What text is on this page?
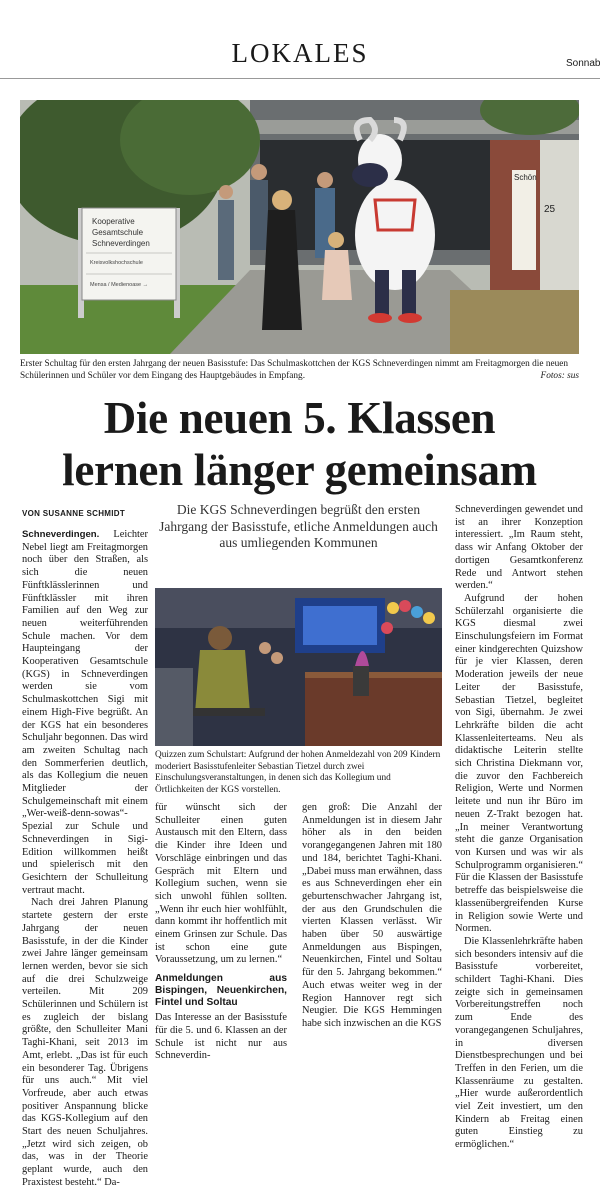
LOKALES	Sonnab
Schön
25
Kooperative
Gesamtschule
Schneverdingen
Kreisvolkshochschule
Mensa / Medienoase →
Erster Schultag für den ersten Jahrgang der neuen Basisstufe: Das Schulmaskottchen der KGS Schneverdingen nimmt am Freitagmorgen die neuen Schülerinnen und Schüler vor dem Eingang des Hauptgebäudes in Empfang.	Fotos: sus
Die neuen 5. Klassen
lernen länger gemeinsam
VON SUSANNE SCHMIDT	Die KGS Schneverdingen begrüßt den ersten Jahrgang der Basisstufe, etliche Anmeldungen auch aus umliegenden Kommunen

Schneverdingen. Leichter Nebel liegt am Freitagmorgen noch über den Straßen, als sich die neuen Fünftklässlerinnen und Fünftklässler mit ihren Familien auf den Weg zur neuen weiterführenden Schule machen. Vor dem Haupteingang der Kooperativen Gesamtschule (KGS) in Schneverdingen werden sie vom Schulmaskottchen Sigi mit einem High-Five begrüßt. An der KGS hat ein besonderes Schuljahr begonnen. Das wird am zweiten Schultag nach den Sommerferien deutlich, als das Kollegium die neuen Mitglieder der Schulgemeinschaft mit einem „Wer-weiß-denn-sowas“-Spezial zur Schule und Schneverdingen in Sigi-Edition willkommen heißt und spielerisch mit den Gesichtern der Schulleitung vertraut macht.

Nach drei Jahren Planung startete gestern der erste Jahrgang der neuen Basisstufe, in der die Kinder zwei Jahre länger gemeinsam lernen werden, bevor sie sich auf die drei Schulzweige verteilen. Mit 209 Schülerinnen und Schülern ist es zugleich der bislang größte, den Schulleiter Mani Taghi-Khani, seit 2013 im Amt, erlebt. „Das ist für euch ein besonderer Tag. Übrigens für uns auch.“ Mit viel Vorfreude, aber auch etwas positiver Anspannung blicke das KGS-Kollegium auf den Start des neuen Schuljahres. „Jetzt wird sich zeigen, ob das, was in der Theorie geplant wurde, auch den Praxistest besteht.“ Da-

Quizzen zum Schulstart: Aufgrund der hohen Anmeldezahl von 209 Kindern moderiert Basisstufenleiter Sebastian Tietzel durch zwei Einschulungsveranstaltungen, in denen sich das Kollegium und Örtlichkeiten der KGS vorstellen.

für wünscht sich der Schulleiter einen guten Austausch mit den Eltern, dass die Kinder ihre Ideen und Vorschläge einbringen und das Gespräch mit Eltern und Kollegium suchen, wenn sie sich unwohl fühlen sollten. „Wenn ihr euch hier wohlfühlt, dann kommt ihr hoffentlich mit einem Grinsen zur Schule. Das ist schon eine gute Voraussetzung, um zu lernen.“

Anmeldungen aus Bispingen, Neuenkirchen, Fintel und Soltau

Das Interesse an der Basisstufe für die 5. und 6. Klassen an der Schule ist nicht nur aus Schneverdin-

gen groß: Die Anzahl der Anmeldungen ist in diesem Jahr höher als in den beiden vorangegangenen Jahren mit 180 und 184, berichtet Taghi-Khani. „Dabei muss man erwähnen, dass es aus Schneverdingen eher ein geburtenschwacher Jahrgang ist, der aus den Grundschulen die vierten Klassen verlässt. Wir haben über 50 auswärtige Anmeldungen aus Bispingen, Neuenkirchen, Fintel und Soltau für den 5. Jahrgang bekommen.“ Auch etwas weiter weg in der Region Hannover regt sich Neugier. Die KGS Hemmingen habe sich inzwischen an die KGS

Schneverdingen gewendet und ist an ihrer Konzeption interessiert. „Im Raum steht, dass wir Anfang Oktober der dortigen Gesamtkonferenz Rede und Antwort stehen werden.“

Aufgrund der hohen Schülerzahl organisierte die KGS diesmal zwei Einschulungsfeiern im Format einer kindgerechten Quizshow für je vier Klassen, deren Moderation jeweils der neue Leiter der Basisstufe, Sebastian Tietzel, begleitet von Sigi, übernahm. Je zwei Lehrkräfte bilden die acht Klassenleiterteams. Neu als didaktische Leiterin stellte sich Christina Diekmann vor, die zuvor den Fachbereich Religion, Werte und Normen leitete und nun ihr Büro im neuen Z-Trakt bezogen hat. „In meiner Verantwortung steht die ganze Organisation von Kursen und was wir als Schulprogramm organisieren.“ Für die Klassen der Basisstufe betreffe das beispielsweise die klassenübergreifenden Kurse in Religion sowie Werte und Normen.

Die Klassenlehrkräfte haben sich besonders intensiv auf die Basisstufe vorbereitet, schildert Taghi-Khani. Dies zeigte sich in gemeinsamen Vorbereitungstreffen noch zum Ende des vorangegangenen Schuljahres, in diversen Dienstbesprechungen und bei Treffen in den Ferien, um die Klassenräume zu gestalten. „Hier wurde außerordentlich viel Zeit investiert, um den Kindern ab Freitag einen guten Einstieg zu ermöglichen.“
